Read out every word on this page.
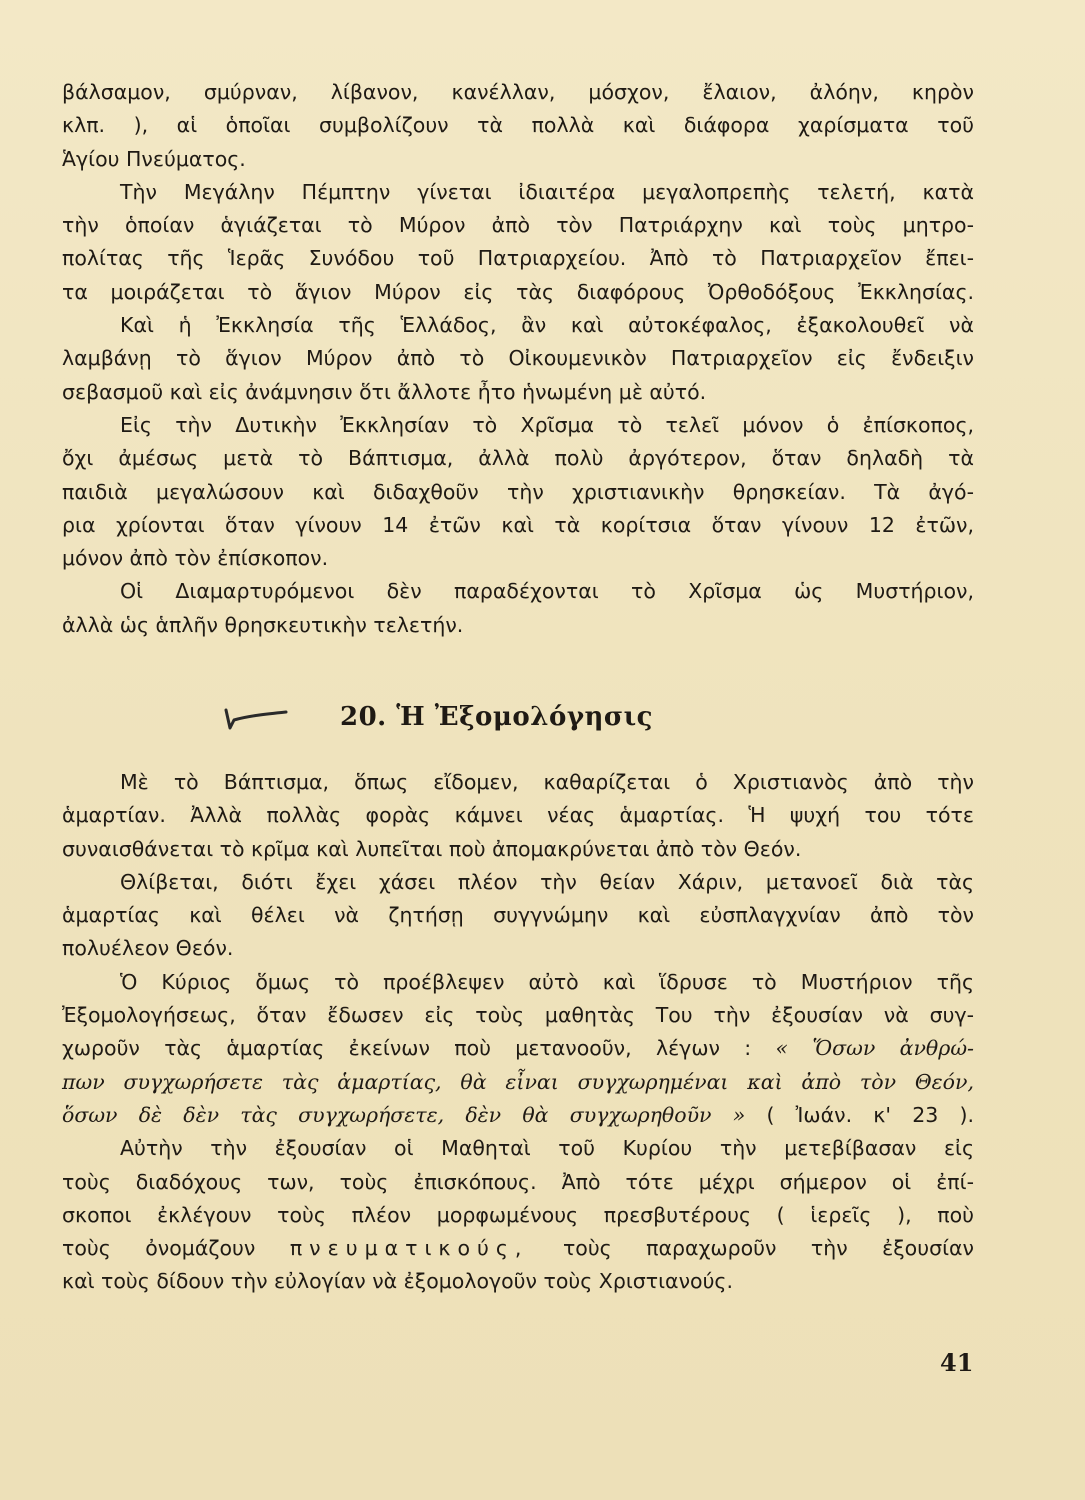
βάλσαμον, σμύρναν, λίβανον, κανέλλαν, μόσχον, ἔλαιον, ἀλόην, κηρὸν
κλπ. ), αἱ ὁποῖαι συμβολίζουν τὰ πολλὰ καὶ διάφορα χαρίσματα τοῦ
Ἁγίου Πνεύματος.
Τὴν Μεγάλην Πέμπτην γίνεται ἰδιαιτέρα μεγαλοπρεπὴς τελετή, κατὰ
τὴν ὁποίαν ἁγιάζεται τὸ Μύρον ἀπὸ τὸν Πατριάρχην καὶ τοὺς μητρο-
πολίτας τῆς Ἱερᾶς Συνόδου τοῦ Πατριαρχείου. Ἀπὸ τὸ Πατριαρχεῖον ἔπει-
τα μοιράζεται τὸ ἅγιον Μύρον εἰς τὰς διαφόρους Ὀρθοδόξους Ἐκκλησίας.
Καὶ ἡ Ἐκκλησία τῆς Ἑλλάδος, ἂν καὶ αὐτοκέφαλος, ἐξακολουθεῖ νὰ
λαμβάνῃ τὸ ἅγιον Μύρον ἀπὸ τὸ Οἰκουμενικὸν Πατριαρχεῖον εἰς ἔνδειξιν
σεβασμοῦ καὶ εἰς ἀνάμνησιν ὅτι ἄλλοτε ἦτο ἡνωμένη μὲ αὐτό.
Εἰς τὴν Δυτικὴν Ἐκκλησίαν τὸ Χρῖσμα τὸ τελεῖ μόνον ὁ ἐπίσκοπος,
ὄχι ἀμέσως μετὰ τὸ Βάπτισμα, ἀλλὰ πολὺ ἀργότερον, ὅταν δηλαδὴ τὰ
παιδιὰ μεγαλώσουν καὶ διδαχθοῦν τὴν χριστιανικὴν θρησκείαν. Τὰ ἀγό-
ρια χρίονται ὅταν γίνουν 14 ἐτῶν καὶ τὰ κορίτσια ὅταν γίνουν 12 ἐτῶν,
μόνον ἀπὸ τὸν ἐπίσκοπον.
Οἱ Διαμαρτυρόμενοι δὲν παραδέχονται τὸ Χρῖσμα ὡς Μυστήριον,
ἀλλὰ ὡς ἁπλῆν θρησκευτικὴν τελετήν.
20. Ἡ Ἐξομολόγησις
Μὲ τὸ Βάπτισμα, ὅπως εἴδομεν, καθαρίζεται ὁ Χριστιανὸς ἀπὸ τὴν
ἁμαρτίαν. Ἀλλὰ πολλὰς φορὰς κάμνει νέας ἁμαρτίας. Ἡ ψυχή του τότε
συναισθάνεται τὸ κρῖμα καὶ λυπεῖται ποὺ ἀπομακρύνεται ἀπὸ τὸν Θεόν.
Θλίβεται, διότι ἔχει χάσει πλέον τὴν θείαν Χάριν, μετανοεῖ διὰ τὰς
ἁμαρτίας καὶ θέλει νὰ ζητήσῃ συγγνώμην καὶ εὐσπλαγχνίαν ἀπὸ τὸν
πολυέλεον Θεόν.
Ὁ Κύριος ὅμως τὸ προέβλεψεν αὐτὸ καὶ ἵδρυσε τὸ Μυστήριον τῆς
Ἐξομολογήσεως, ὅταν ἔδωσεν εἰς τοὺς μαθητὰς Του τὴν ἐξουσίαν νὰ συγ-
χωροῦν τὰς ἁμαρτίας ἐκείνων ποὺ μετανοοῦν, λέγων : « Ὅσων ἀνθρώ-
πων συγχωρήσετε τὰς ἁμαρτίας, θὰ εἶναι συγχωρημέναι καὶ ἀπὸ τὸν Θεόν,
ὅσων δὲ δὲν τὰς συγχωρήσετε, δὲν θὰ συγχωρηθοῦν » ( Ἰωάν. κ' 23 ).
Αὐτὴν τὴν ἐξουσίαν οἱ Μαθηταὶ τοῦ Κυρίου τὴν μετεβίβασαν εἰς
τοὺς διαδόχους των, τοὺς ἐπισκόπους. Ἀπὸ τότε μέχρι σήμερον οἱ ἐπί-
σκοποι ἐκλέγουν τοὺς πλέον μορφωμένους πρεσβυτέρους ( ἱερεῖς ), ποὺ
τοὺς ὀνομάζουν πνευματικούς, τοὺς παραχωροῦν τὴν ἐξουσίαν
καὶ τοὺς δίδουν τὴν εὐλογίαν νὰ ἐξομολογοῦν τοὺς Χριστιανούς.
41
